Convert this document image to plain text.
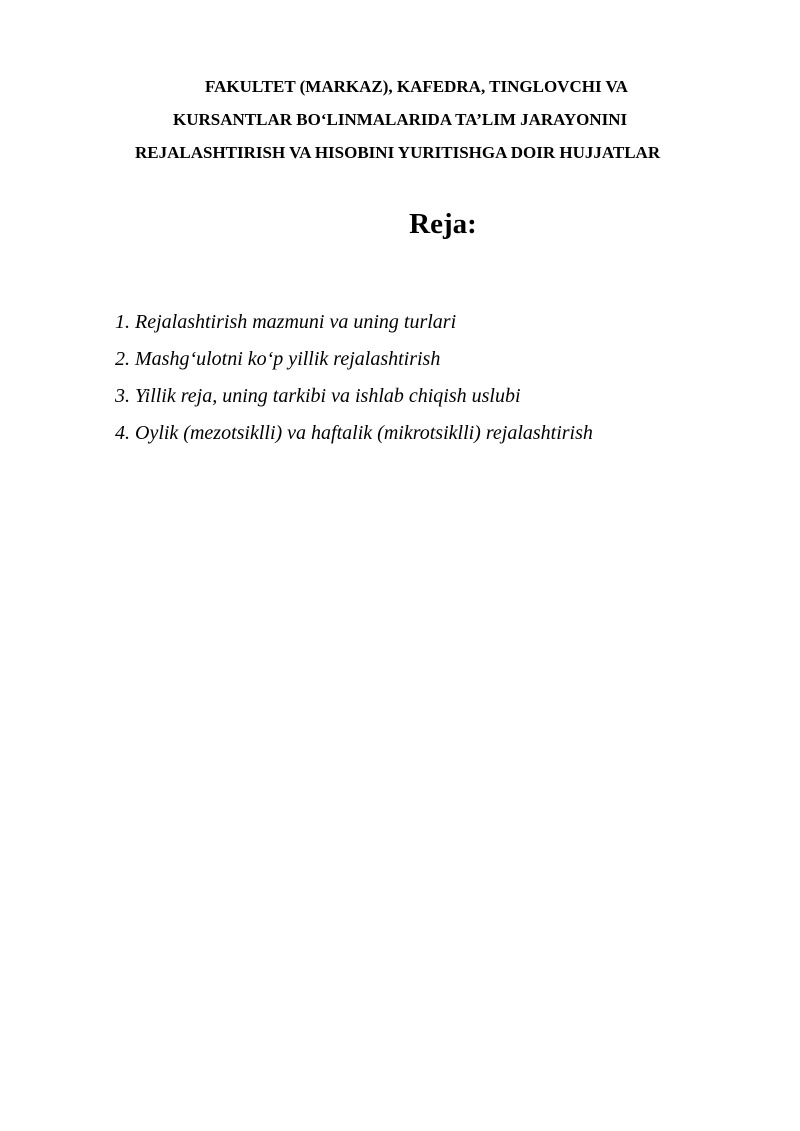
FAKULTET (MARKAZ), KAFEDRA, TINGLOVCHI VA
KURSANTLAR BO‘LINMALARIDA TA’LIM JARAYONINI
REJALASHTIRISH VA HISOBINI YURITISHGA DOIR HUJJATLAR
Reja:
1. Rejalashtirish mazmuni va uning turlari
2. Mashg‘ulotni ko‘p yillik rejalashtirish
3. Yillik reja, uning tarkibi va ishlab chiqish uslubi
4. Oylik (mezotsiklli) va haftalik (mikrotsiklli) rejalashtirish
